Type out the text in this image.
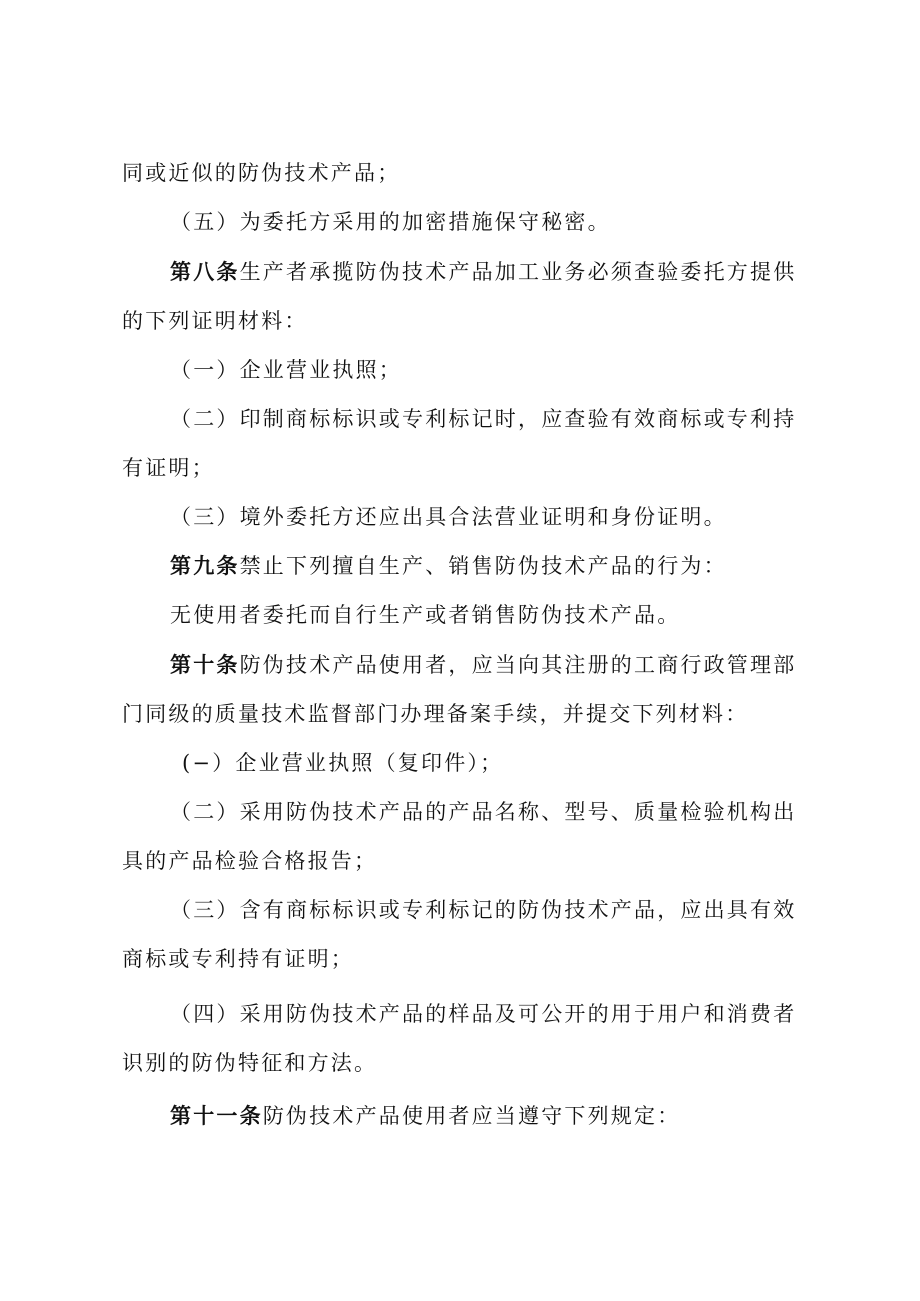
同或近似的防伪技术产品；
（五）为委托方采用的加密措施保守秘密。
第八条生产者承揽防伪技术产品加工业务必须查验委托方提供
的下列证明材料：
（一）企业营业执照；
（二）印制商标标识或专利标记时，应查验有效商标或专利持
有证明；
（三）境外委托方还应出具合法营业证明和身份证明。
第九条禁止下列擅自生产、销售防伪技术产品的行为：
无使用者委托而自行生产或者销售防伪技术产品。
第十条防伪技术产品使用者，应当向其注册的工商行政管理部
门同级的质量技术监督部门办理备案手续，并提交下列材料：
(−）企业营业执照（复印件）；
（二）采用防伪技术产品的产品名称、型号、质量检验机构出
具的产品检验合格报告；
（三）含有商标标识或专利标记的防伪技术产品，应出具有效
商标或专利持有证明；
（四）采用防伪技术产品的样品及可公开的用于用户和消费者
识别的防伪特征和方法。
第十一条防伪技术产品使用者应当遵守下列规定：
